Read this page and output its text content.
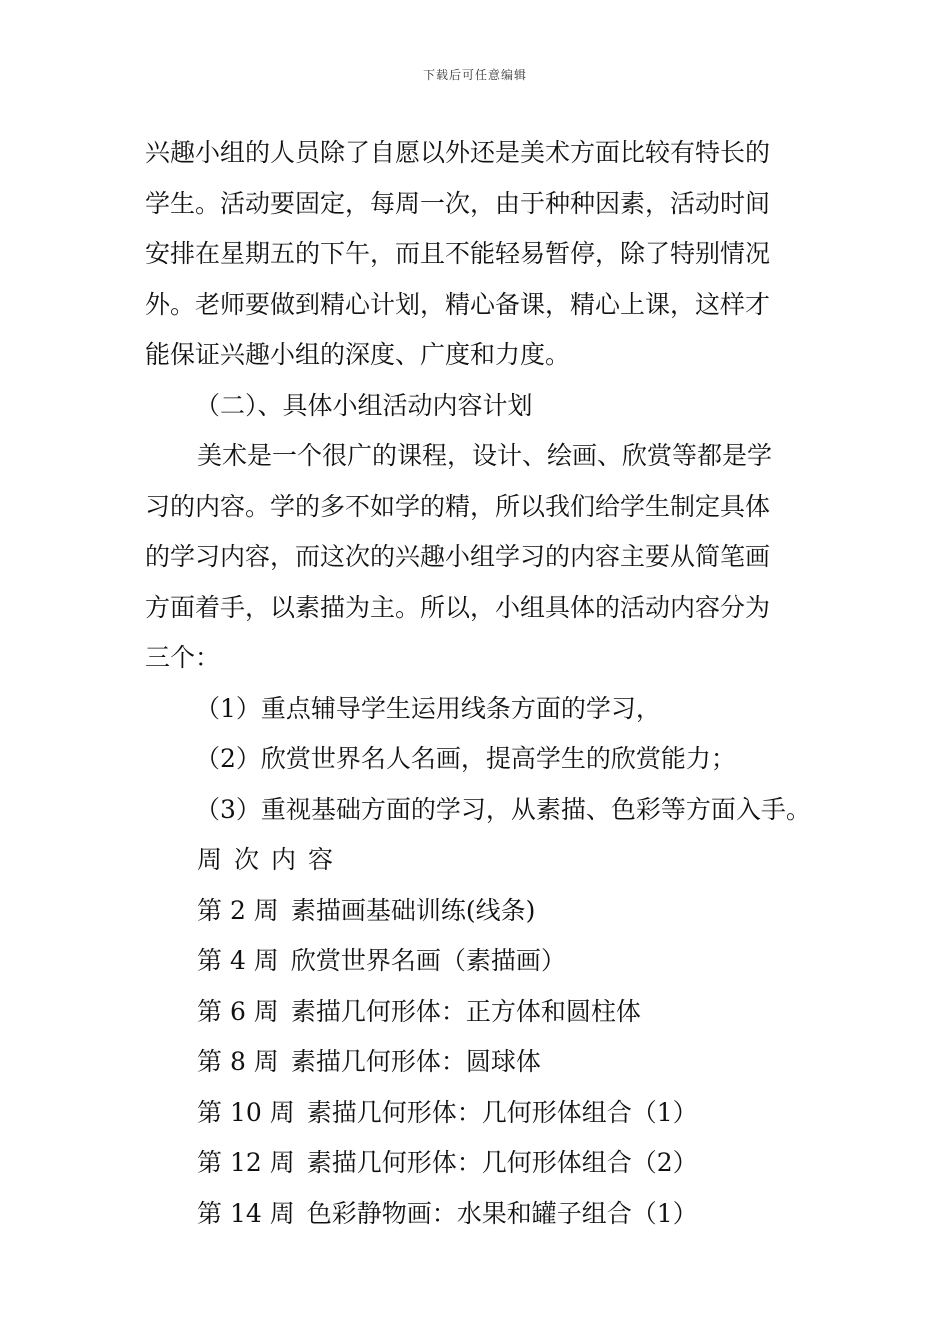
下载后可任意编辑

兴趣小组的人员除了自愿以外还是美术方面比较有特长的

学生。活动要固定，每周一次，由于种种因素，活动时间

安排在星期五的下午，而且不能轻易暂停，除了特别情况

外。老师要做到精心计划，精心备课，精心上课，这样才

能保证兴趣小组的深度、广度和力度。

（二）、具体小组活动内容计划

美术是一个很广的课程，设计、绘画、欣赏等都是学

习的内容。学的多不如学的精，所以我们给学生制定具体

的学习内容，而这次的兴趣小组学习的内容主要从简笔画

方面着手，以素描为主。所以，小组具体的活动内容分为

三个：

（1）重点辅导学生运用线条方面的学习，

（2）欣赏世界名人名画，提高学生的欣赏能力；

（3）重视基础方面的学习，从素描、色彩等方面入手。

周次内容

第 2 周 素描画基础训练(线条)
第 4 周 欣赏世界名画（素描画）
第 6 周 素描几何形体：正方体和圆柱体
第 8 周 素描几何形体：圆球体
第 10 周 素描几何形体：几何形体组合（1）
第 12 周 素描几何形体：几何形体组合（2）
第 14 周 色彩静物画：水果和罐子组合（1）
